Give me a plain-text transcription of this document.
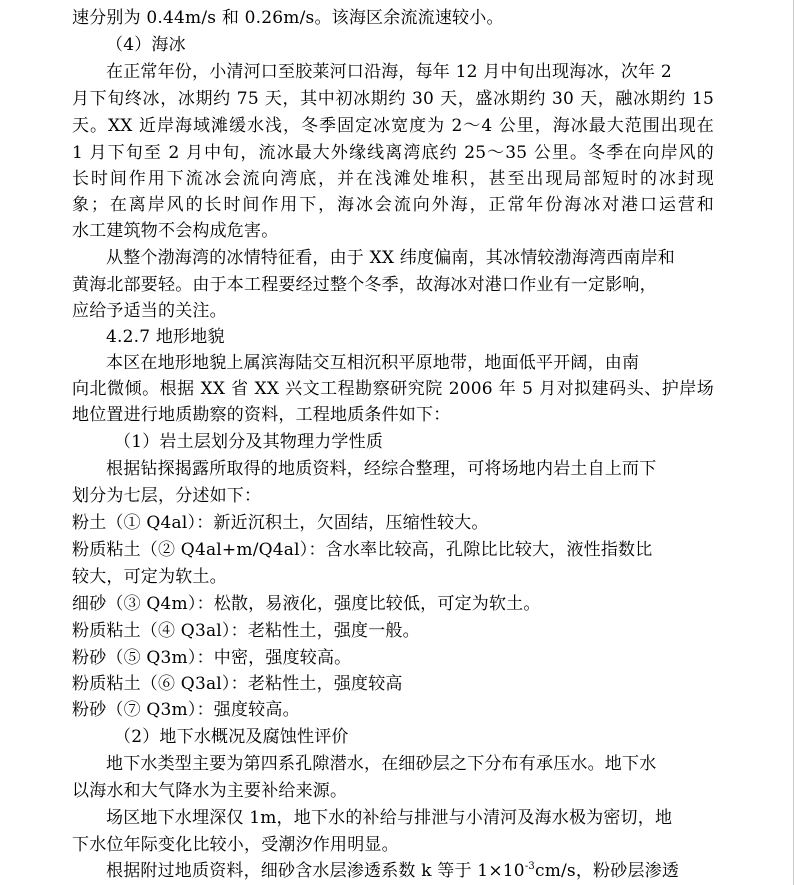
速分别为 0.44m/s 和 0.26m/s。该海区余流流速较小。
（4）海冰
在正常年份，小清河口至胶莱河口沿海，每年 12 月中旬出现海冰，次年 2
月下旬终冰，冰期约 75 天，其中初冰期约 30 天，盛冰期约 30 天，融冰期约 15
天。XX 近岸海域滩缓水浅，冬季固定冰宽度为 2～4 公里，海冰最大范围出现在
1 月下旬至 2 月中旬，流冰最大外缘线离湾底约 25～35 公里。冬季在向岸风的
长时间作用下流冰会流向湾底，并在浅滩处堆积，甚至出现局部短时的冰封现
象；在离岸风的长时间作用下，海冰会流向外海，正常年份海冰对港口运营和
水工建筑物不会构成危害。
从整个渤海湾的冰情特征看，由于 XX 纬度偏南，其冰情较渤海湾西南岸和
黄海北部要轻。由于本工程要经过整个冬季，故海冰对港口作业有一定影响，
应给予适当的关注。
4.2.7 地形地貌
本区在地形地貌上属滨海陆交互相沉积平原地带，地面低平开阔，由南
向北微倾。根据 XX 省 XX 兴文工程勘察研究院 2006 年 5 月对拟建码头、护岸场
地位置进行地质勘察的资料，工程地质条件如下：
（1）岩土层划分及其物理力学性质
根据钻探揭露所取得的地质资料，经综合整理，可将场地内岩土自上而下
划分为七层，分述如下：
粉土（① Q4al）：新近沉积土，欠固结，压缩性较大。
粉质粘土（② Q4al+m/Q4al）：含水率比较高，孔隙比比较大，液性指数比
较大，可定为软土。
细砂（③ Q4m）：松散，易液化，强度比较低，可定为软土。
粉质粘土（④ Q3al）：老粘性土，强度一般。
粉砂（⑤ Q3m）：中密，强度较高。
粉质粘土（⑥ Q3al）：老粘性土，强度较高
粉砂（⑦ Q3m）：强度较高。
（2）地下水概况及腐蚀性评价
地下水类型主要为第四系孔隙潜水，在细砂层之下分布有承压水。地下水
以海水和大气降水为主要补给来源。
场区地下水埋深仅 1m，地下水的补给与排泄与小清河及海水极为密切，地
下水位年际变化比较小，受潮汐作用明显。
根据附过地质资料，细砂含水层渗透系数 k 等于 $1\times 10^{-3}cm/s$，粉砂层渗透
